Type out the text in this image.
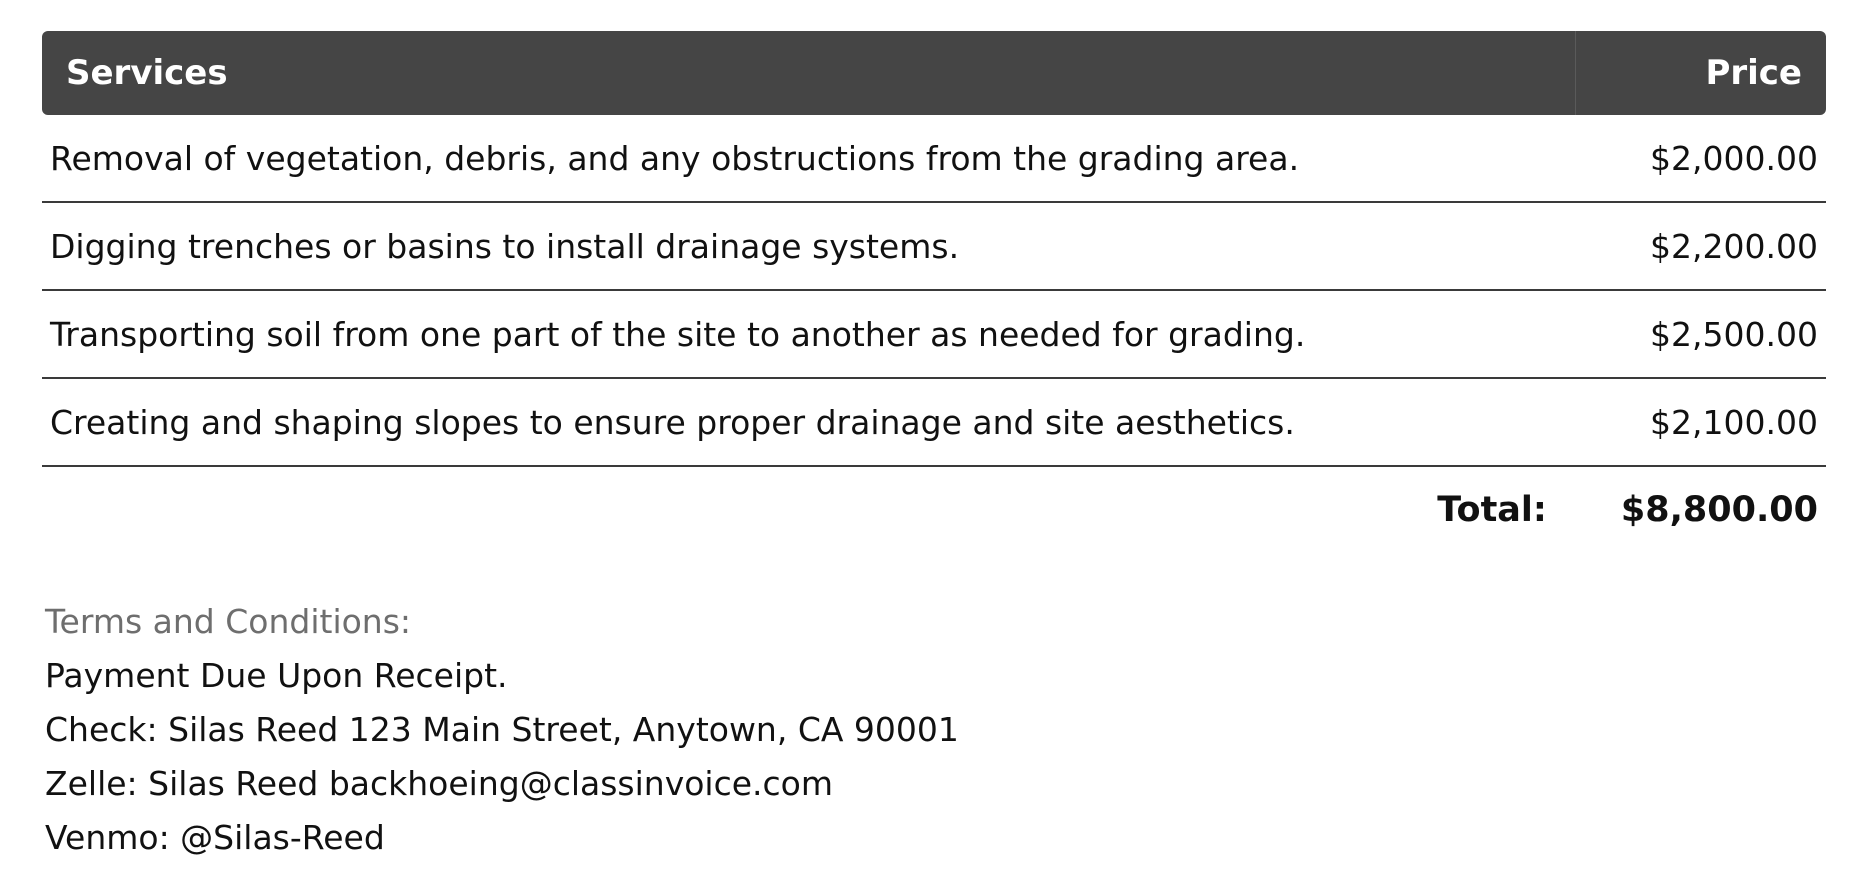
Services	Price
Removal of vegetation, debris, and any obstructions from the grading area.	$2,000.00
Digging trenches or basins to install drainage systems.	$2,200.00
Transporting soil from one part of the site to another as needed for grading.	$2,500.00
Creating and shaping slopes to ensure proper drainage and site aesthetics.	$2,100.00
Total:	$8,800.00
Terms and Conditions:
Payment Due Upon Receipt.
Check: Silas Reed 123 Main Street, Anytown, CA 90001
Zelle: Silas Reed backhoeing@classinvoice.com
Venmo: @Silas-Reed
